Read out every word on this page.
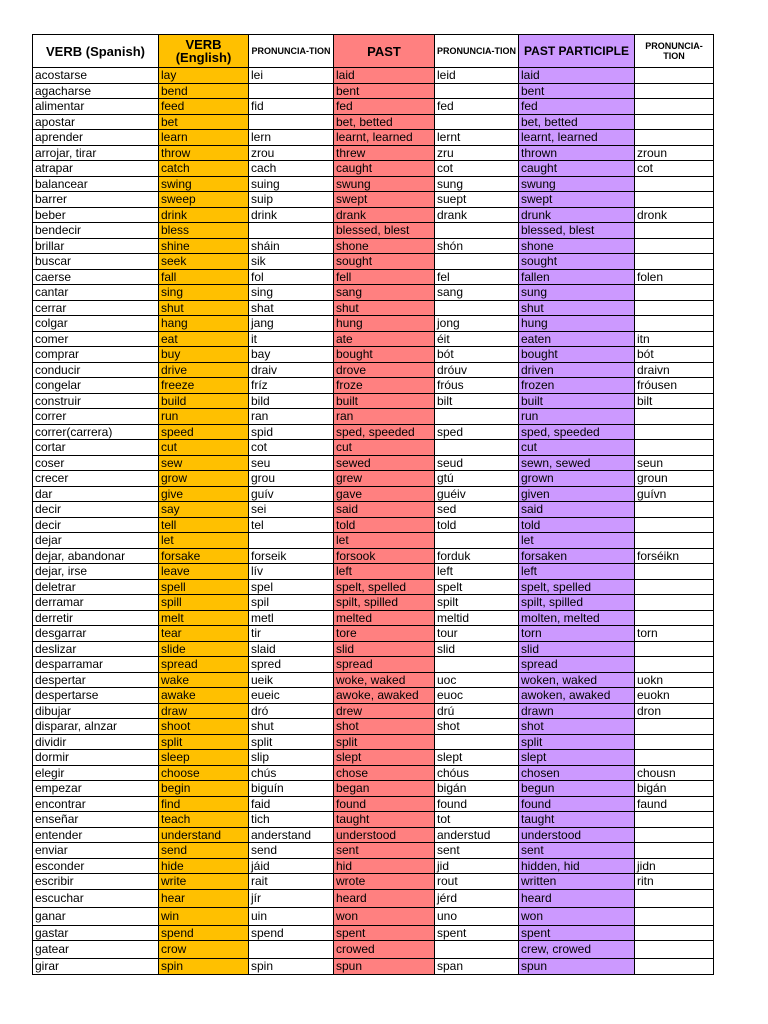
VERB (Spanish)	VERB (English)	PRONUNCIA-TION	PAST	PRONUNCIA-TION	PAST PARTICIPLE	PRONUNCIA-TION
acostarse	lay	lei	laid	leid	laid	
agacharse	bend		bent		bent	
alimentar	feed	fid	fed	fed	fed	
apostar	bet		bet, betted		bet, betted	
aprender	learn	lern	learnt, learned	lernt	learnt, learned	
arrojar, tirar	throw	zrou	threw	zru	thrown	zroun
atrapar	catch	cach	caught	cot	caught	cot
balancear	swing	suing	swung	sung	swung	
barrer	sweep	suip	swept	suept	swept	
beber	drink	drink	drank	drank	drunk	dronk
bendecir	bless		blessed, blest		blessed, blest	
brillar	shine	sháin	shone	shón	shone	
buscar	seek	sik	sought		sought	
caerse	fall	fol	fell	fel	fallen	folen
cantar	sing	sing	sang	sang	sung	
cerrar	shut	shat	shut		shut	
colgar	hang	jang	hung	jong	hung	
comer	eat	it	ate	éit	eaten	itn
comprar	buy	bay	bought	bót	bought	bót
conducir	drive	draiv	drove	dróuv	driven	draivn
congelar	freeze	fríz	froze	fróus	frozen	fróusen
construir	build	bild	built	bilt	built	bilt
correr	run	ran	ran		run	
correr(carrera)	speed	spid	sped, speeded	sped	sped, speeded	
cortar	cut	cot	cut		cut	
coser	sew	seu	sewed	seud	sewn, sewed	seun
crecer	grow	grou	grew	gtú	grown	groun
dar	give	guív	gave	guéiv	given	guívn
decir	say	sei	said	sed	said	
decir	tell	tel	told	told	told	
dejar	let		let		let	
dejar, abandonar	forsake	forseik	forsook	forduk	forsaken	forséikn
dejar, irse	leave	lív	left	left	left	
deletrar	spell	spel	spelt, spelled	spelt	spelt, spelled	
derramar	spill	spil	spilt, spilled	spilt	spilt, spilled	
derretir	melt	metl	melted	meltid	molten, melted	
desgarrar	tear	tir	tore	tour	torn	torn
deslizar	slide	slaid	slid	slid	slid	
desparramar	spread	spred	spread		spread	
despertar	wake	ueik	woke, waked	uoc	woken, waked	uokn
despertarse	awake	eueic	awoke, awaked	euoc	awoken, awaked	euokn
dibujar	draw	dró	drew	drú	drawn	dron
disparar, alnzar	shoot	shut	shot	shot	shot	
dividir	split	split	split		split	
dormir	sleep	slip	slept	slept	slept	
elegir	choose	chús	chose	chóus	chosen	chousn
empezar	begin	biguín	began	bigán	begun	bigán
encontrar	find	faid	found	found	found	faund
enseñar	teach	tich	taught	tot	taught	
entender	understand	anderstand	understood	anderstud	understood	
enviar	send	send	sent	sent	sent	
esconder	hide	jáid	hid	jid	hidden, hid	jidn
escribir	write	rait	wrote	rout	written	ritn
escuchar	hear	jír	heard	jérd	heard	
ganar	win	uin	won	uno	won	
gastar	spend	spend	spent	spent	spent	
gatear	crow		crowed		crew, crowed	
girar	spin	spin	spun	span	spun	
